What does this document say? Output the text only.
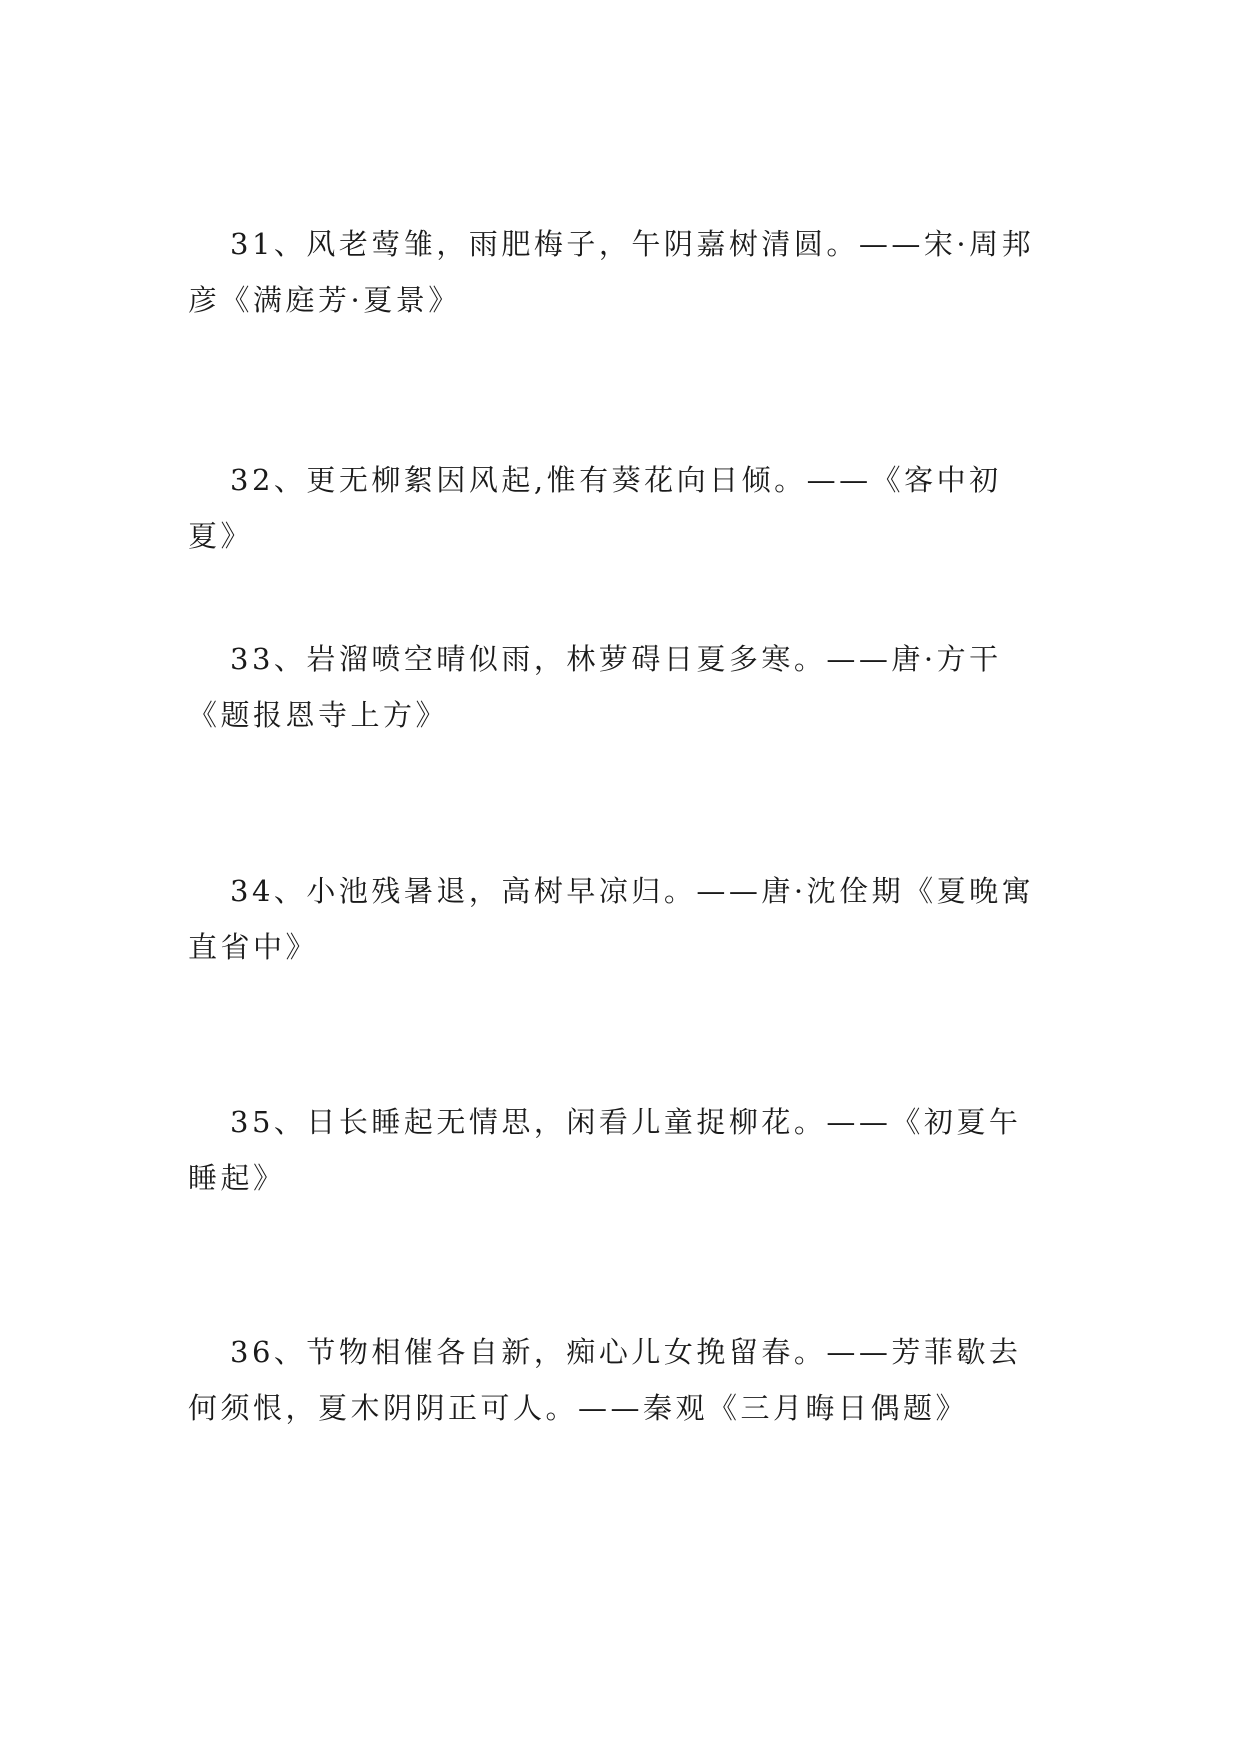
31、风老莺雏，雨肥梅子，午阴嘉树清圆。——宋·周邦彦《满庭芳·夏景》

32、更无柳絮因风起,惟有葵花向日倾。——《客中初夏》

33、岩溜喷空晴似雨，林萝碍日夏多寒。——唐·方干《题报恩寺上方》

34、小池残暑退，高树早凉归。——唐·沈佺期《夏晚寓直省中》

35、日长睡起无情思，闲看儿童捉柳花。——《初夏午睡起》

36、节物相催各自新，痴心儿女挽留春。——芳菲歇去何须恨，夏木阴阴正可人。——秦观《三月晦日偶题》
